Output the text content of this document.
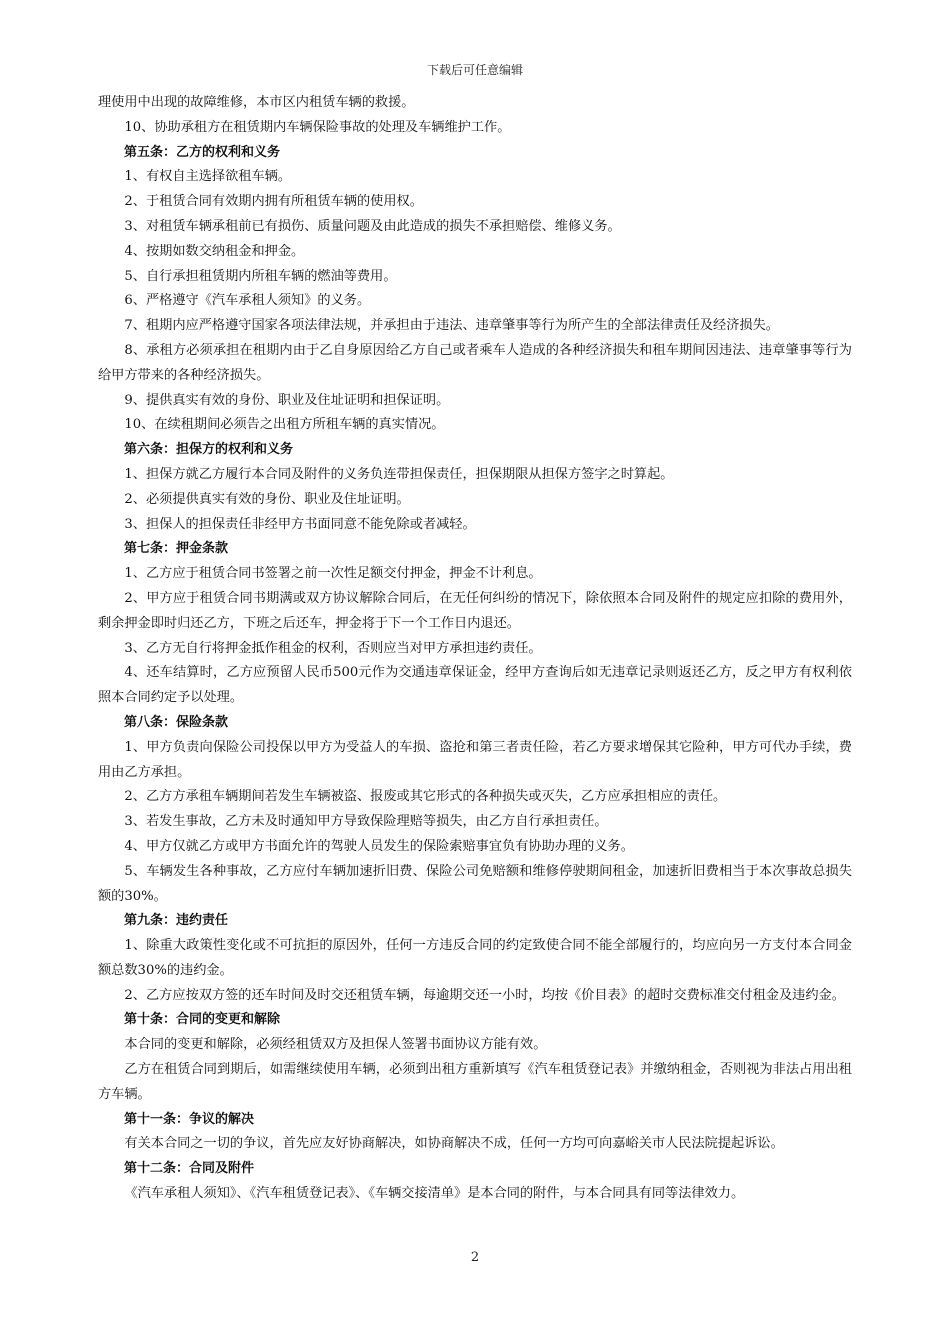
下载后可任意编辑

理使用中出现的故障维修，本市区内租赁车辆的救援。

10、协助承租方在租赁期内车辆保险事故的处理及车辆维护工作。

第五条：乙方的权利和义务

1、有权自主选择欲租车辆。

2、于租赁合同有效期内拥有所租赁车辆的使用权。

3、对租赁车辆承租前已有损伤、质量问题及由此造成的损失不承担赔偿、维修义务。

4、按期如数交纳租金和押金。

5、自行承担租赁期内所租车辆的燃油等费用。

6、严格遵守《汽车承租人须知》的义务。

7、租期内应严格遵守国家各项法律法规，并承担由于违法、违章肇事等行为所产生的全部法律责任及经济损失。

8、承租方必须承担在租期内由于乙自身原因给乙方自己或者乘车人造成的各种经济损失和租车期间因违法、违章肇事等行为给甲方带来的各种经济损失。

9、提供真实有效的身份、职业及住址证明和担保证明。

10、在续租期间必须告之出租方所租车辆的真实情况。

第六条：担保方的权利和义务

1、担保方就乙方履行本合同及附件的义务负连带担保责任，担保期限从担保方签字之时算起。

2、必须提供真实有效的身份、职业及住址证明。

3、担保人的担保责任非经甲方书面同意不能免除或者减轻。

第七条：押金条款

1、乙方应于租赁合同书签署之前一次性足额交付押金，押金不计利息。

2、甲方应于租赁合同书期满或双方协议解除合同后，在无任何纠纷的情况下，除依照本合同及附件的规定应扣除的费用外，剩余押金即时归还乙方，下班之后还车，押金将于下一个工作日内退还。

3、乙方无自行将押金抵作租金的权利，否则应当对甲方承担违约责任。

4、还车结算时，乙方应预留人民币500元作为交通违章保证金，经甲方查询后如无违章记录则返还乙方，反之甲方有权利依照本合同约定予以处理。

第八条：保险条款

1、甲方负责向保险公司投保以甲方为受益人的车损、盗抢和第三者责任险，若乙方要求增保其它险种，甲方可代办手续，费用由乙方承担。

2、乙方方承租车辆期间若发生车辆被盗、报废或其它形式的各种损失或灭失，乙方应承担相应的责任。

3、若发生事故，乙方未及时通知甲方导致保险理赔等损失，由乙方自行承担责任。

4、甲方仅就乙方或甲方书面允许的驾驶人员发生的保险索赔事宜负有协助办理的义务。

5、车辆发生各种事故，乙方应付车辆加速折旧费、保险公司免赔额和维修停驶期间租金，加速折旧费相当于本次事故总损失额的30%。

第九条：违约责任

1、除重大政策性变化或不可抗拒的原因外，任何一方违反合同的约定致使合同不能全部履行的，均应向另一方支付本合同金额总数30%的违约金。

2、乙方应按双方签的还车时间及时交还租赁车辆，每逾期交还一小时，均按《价目表》的超时交费标准交付租金及违约金。

第十条：合同的变更和解除

本合同的变更和解除，必须经租赁双方及担保人签署书面协议方能有效。

乙方在租赁合同到期后，如需继续使用车辆，必须到出租方重新填写《汽车租赁登记表》并缴纳租金，否则视为非法占用出租方车辆。

第十一条：争议的解决

有关本合同之一切的争议，首先应友好协商解决，如协商解决不成，任何一方均可向嘉峪关市人民法院提起诉讼。

第十二条：合同及附件

《汽车承租人须知》、《汽车租赁登记表》、《车辆交接清单》是本合同的附件，与本合同具有同等法律效力。

2
